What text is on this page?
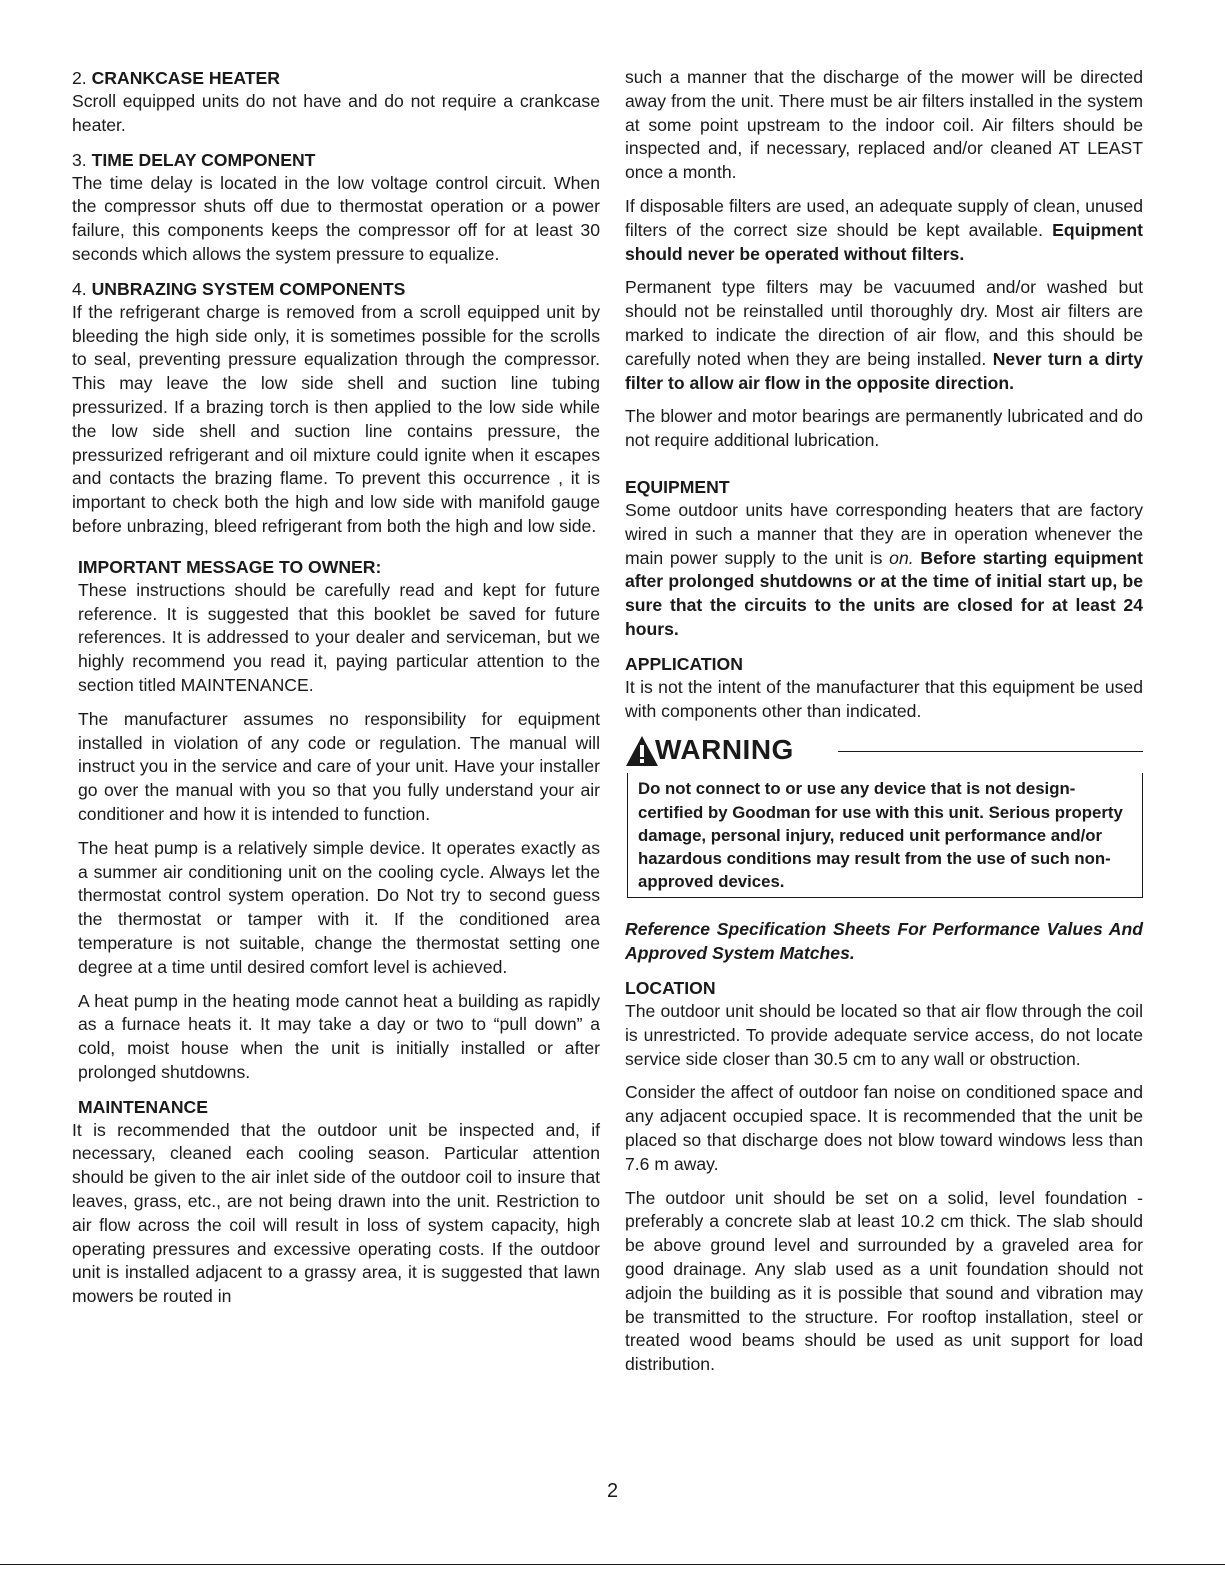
2. CRANKCASE HEATER

Scroll equipped units do not have and do not require a crankcase heater.

3. TIME DELAY COMPONENT

The time delay is located in the low voltage control circuit. When the compressor shuts off due to thermostat operation or a power failure, this components keeps the compressor off for at least 30 seconds which allows the system pressure to equalize.

4. UNBRAZING SYSTEM COMPONENTS

If the refrigerant charge is removed from a scroll equipped unit by bleeding the high side only, it is sometimes possible for the scrolls to seal, preventing pressure equalization through the compressor. This may leave the low side shell and suction line tubing pressurized. If a brazing torch is then applied to the low side while the low side shell and suction line contains pressure, the pressurized refrigerant and oil mixture could ignite when it escapes and contacts the brazing flame. To prevent this occurrence , it is important to check both the high and low side with manifold gauge before unbrazing, bleed refrigerant from both the high and low side.

IMPORTANT MESSAGE TO OWNER:

These instructions should be carefully read and kept for future reference. It is suggested that this booklet be saved for future references. It is addressed to your dealer and serviceman, but we highly recommend you read it, paying particular attention to the section titled MAINTENANCE.

The manufacturer assumes no responsibility for equipment installed in violation of any code or regulation. The manual will instruct you in the service and care of your unit. Have your installer go over the manual with you so that you fully understand your air conditioner and how it is intended to function.

The heat pump is a relatively simple device. It operates exactly as a summer air conditioning unit on the cooling cycle. Always let the thermostat control system operation. Do Not try to second guess the thermostat or tamper with it. If the conditioned area temperature is not suitable, change the thermostat setting one degree at a time until desired comfort level is achieved.

A heat pump in the heating mode cannot heat a building as rapidly as a furnace heats it. It may take a day or two to “pull down” a cold, moist house when the unit is initially installed or after prolonged shutdowns.

MAINTENANCE

It is recommended that the outdoor unit be inspected and, if necessary, cleaned each cooling season. Particular attention should be given to the air inlet side of the outdoor coil to insure that leaves, grass, etc., are not being drawn into the unit. Restriction to air flow across the coil will result in loss of system capacity, high operating pressures and excessive operating costs. If the outdoor unit is installed adjacent to a grassy area, it is suggested that lawn mowers be routed in

such a manner that the discharge of the mower will be directed away from the unit. There must be air filters installed in the system at some point upstream to the indoor coil. Air filters should be inspected and, if necessary, replaced and/or cleaned AT LEAST once a month.

If disposable filters are used, an adequate supply of clean, unused filters of the correct size should be kept available. Equipment should never be operated without filters.

Permanent type filters may be vacuumed and/or washed but should not be reinstalled until thoroughly dry. Most air filters are marked to indicate the direction of air flow, and this should be carefully noted when they are being installed. Never turn a dirty filter to allow air flow in the opposite direction.

The blower and motor bearings are permanently lubricated and do not require additional lubrication.

EQUIPMENT

Some outdoor units have corresponding heaters that are factory wired in such a manner that they are in operation whenever the main power supply to the unit is on. Before starting equipment after prolonged shutdowns or at the time of initial start up, be sure that the circuits to the units are closed for at least 24 hours.

APPLICATION

It is not the intent of the manufacturer that this equipment be used with components other than indicated.

WARNING
Do not connect to or use any device that is not design-certified by Goodman for use with this unit. Serious property damage, personal injury, reduced unit performance and/or hazardous conditions may result from the use of such non-approved devices.

Reference Specification Sheets For Performance Values And Approved System Matches.

LOCATION

The outdoor unit should be located so that air flow through the coil is unrestricted. To provide adequate service access, do not locate service side closer than 30.5 cm to any wall or obstruction.

Consider the affect of outdoor fan noise on conditioned space and any adjacent occupied space. It is recommended that the unit be placed so that discharge does not blow toward windows less than 7.6 m away.

The outdoor unit should be set on a solid, level foundation - preferably a concrete slab at least 10.2 cm thick. The slab should be above ground level and surrounded by a graveled area for good drainage. Any slab used as a unit foundation should not adjoin the building as it is possible that sound and vibration may be transmitted to the structure. For rooftop installation, steel or treated wood beams should be used as unit support for load distribution.

2
